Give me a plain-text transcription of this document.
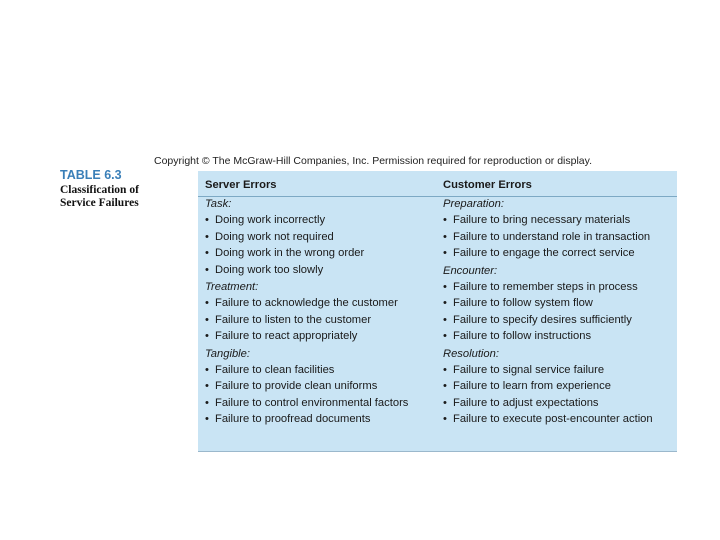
Copyright © The McGraw-Hill Companies, Inc. Permission required for reproduction or display.
TABLE 6.3
Classification of Service Failures
Server Errors
Task:
• Doing work incorrectly
• Doing work not required
• Doing work in the wrong order
• Doing work too slowly
Treatment:
• Failure to acknowledge the customer
• Failure to listen to the customer
• Failure to react appropriately
Tangible:
• Failure to clean facilities
• Failure to provide clean uniforms
• Failure to control environmental factors
• Failure to proofread documents
Customer Errors
Preparation:
• Failure to bring necessary materials
• Failure to understand role in transaction
• Failure to engage the correct service
Encounter:
• Failure to remember steps in process
• Failure to follow system flow
• Failure to specify desires sufficiently
• Failure to follow instructions
Resolution:
• Failure to signal service failure
• Failure to learn from experience
• Failure to adjust expectations
• Failure to execute post-encounter action
